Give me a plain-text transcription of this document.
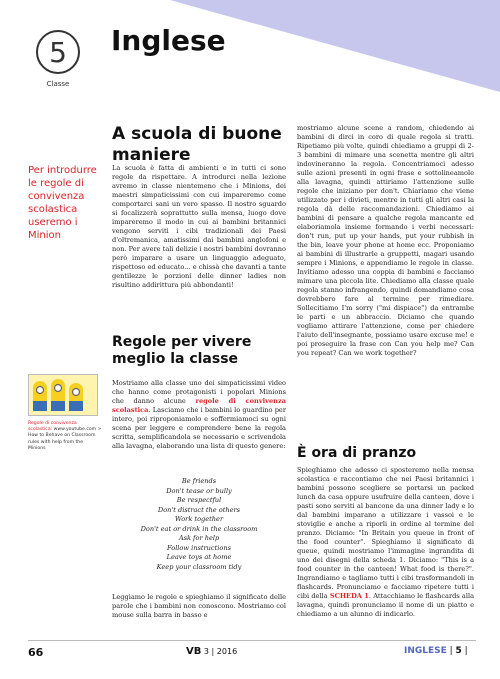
5
Classe
Inglese
Per introdurre le regole di convivenza scolastica useremo i Minion
Regole di convivenza scolastica: www.youtube.com > How to Behave on Classroom rules with help from the Minions
A scuola di buone maniere

La scuola è fatta di ambienti e in tutti ci sono regole da rispettare. A introdurci nella lezione avremo in classe nientemeno che i Minions, dei maestri simpaticissimi con cui impareremo come comportarci sani un vero spasso. Il nostro sguardo si focalizzerà soprattutto sulla mensa, luogo dove impareremo il modo in cui ai bambini britannici vengono serviti i cibi tradizionali dei Paesi d'oltremanica, amatissimi dai bambini anglofoni e non. Per avere tali delizie i nostri bambini dovranno però imparare a usare un linguaggio adeguato, rispettoso ed educato... e chissà che davanti a tante gentilezze le porzioni delle dinner ladies non risultino addirittura più abbondanti!

Regole per vivere meglio la classe

Mostriamo alla classe uno dei simpaticissimi video che hanno come protagonisti i popolari Minions che danno alcune regole di convivenza scolastica. Lasciamo che i bambini lo guardino per intero, poi riproponiamolo e soffermiamoci su ogni scena per leggere e comprendere bene la regola scritta, semplificandola se necessario e scrivendola alla lavagna, elaborando una lista di questo genere:

Be friends
Don't tease or bully
Be respectful
Don't distract the others
Work together
Don't eat or drink in the classroom
Ask for help
Follow instructions
Leave toys at home
Keep your classroom tidy

Leggiamo le regole e spieghiamo il significato delle parole che i bambini non conoscono. Mostriamo col mouse sulla barra in basso e

mostriamo alcune scene a random, chiedendo ai bambini di dirci in coro di quale regola si tratti. Ripetiamo più volte, quindi chiediamo a gruppi di 2-3 bambini di mimare una scenetta mentre gli altri indovineranno la regola. Concentriamoci adesso sulle azioni presenti in ogni frase e sottolineamole alla lavagna, quindi attiriamo l'attenzione sulle regole che iniziano per don't. Chiariamo che viene utilizzato per i divieti, mentre in tutti gli altri casi la regola dà delle raccomandazioni. Chiediamo ai bambini di pensare a qualche regola mancante ed elaboriamola insieme formando i verbi necessari: don't run, put up your hands, put your rubbish in the bin, leave your phone at home ecc. Proponiamo ai bambini di illustrarle a gruppetti, magari usando sempre i Minions, e appendiamo le regole in classe. Invitiamo adesso una coppia di bambini e facciamo mimare una piccola lite. Chiediamo alla classe quale regola stanno infrangendo, quindi domandiamo cosa dovrebbero fare al termine per rimediare. Sollecitiamo I'm sorry ("mi dispiace") da entrambe le parti e un abbraccio. Diciamo che quando vogliamo attirare l'attenzione, come per chiedere l'aiuto dell'insegnante, possiamo usare excuse me! e poi proseguire la frase con Can you help me? Can you repeat? Can we work together?

È ora di pranzo

Spieghiamo che adesso ci sposteremo nella mensa scolastica e raccontiamo che nei Paesi britannici i bambini possono scegliere se portarsi un packed lunch da casa oppure usufruire della canteen, dove i pasti sono serviti al bancone da una dinner lady e lo dal bambini imparano a utilizzare i vassoi e le stoviglie e anche a riporli in ordine al termine del pranzo. Diciamo: "In Britain you queue in front of the food counter". Spieghiamo il significato di queue, quindi mostriamo l'immagine ingrandita di uno dei disegni della scheda 1. Diciamo: "This is a food counter in the canteen! What food is there?". Ingrandiamo e tagliamo tutti i cibi trasformandoli in flashcards. Pronunciamo e facciamo ripetere tutti i cibi della SCHEDA 1. Attacchiamo le flashcards alla lavagna, quindi pronunciamo il nome di un piatto e chiediamo a un alunno di indicarlo.

66	VB 3 | 2016	INGLESE | 5 |
